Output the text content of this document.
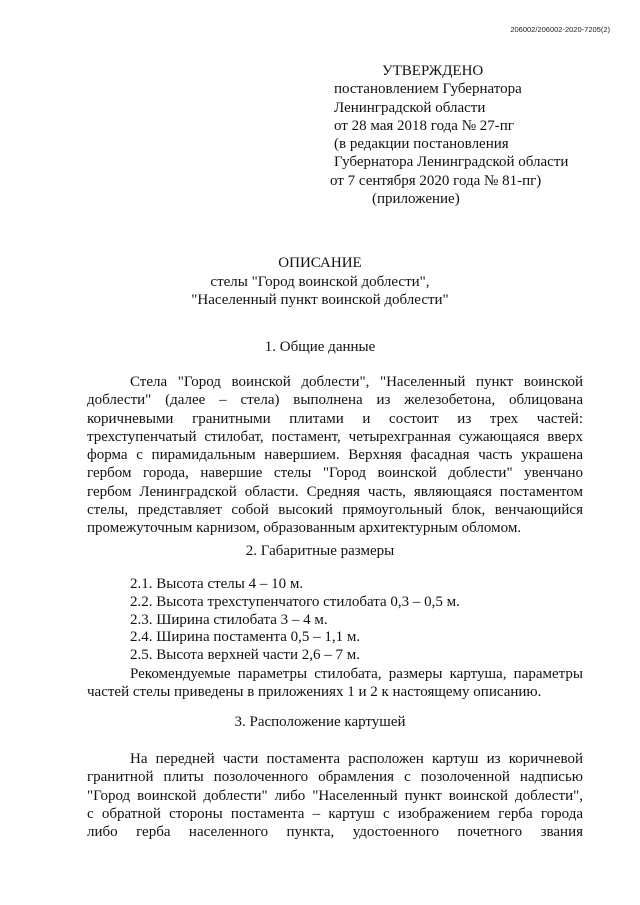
206002/206002-2020-7205(2)
УТВЕРЖДЕНО
постановлением Губернатора
Ленинградской области
от 28 мая 2018 года № 27-пг
(в редакции постановления
Губернатора Ленинградской области
от 7 сентября 2020 года № 81-пг)
(приложение)
ОПИСАНИЕ
стелы "Город воинской доблести",
"Населенный пункт воинской доблести"
1. Общие данные
Стела "Город воинской доблести", "Населенный пункт воинской
доблести" (далее – стела) выполнена из железобетона, облицована
коричневыми гранитными плитами и состоит из трех частей:
трехступенчатый стилобат, постамент, четырехгранная сужающаяся вверх
форма с пирамидальным навершием. Верхняя фасадная часть украшена
гербом города, навершие стелы "Город воинской доблести" увенчано
гербом Ленинградской области. Средняя часть, являющаяся постаментом
стелы, представляет собой высокий прямоугольный блок, венчающийся
промежуточным карнизом, образованным архитектурным обломом.
2. Габаритные размеры
2.1. Высота стелы 4 – 10 м.
2.2. Высота трехступенчатого стилобата 0,3 – 0,5 м.
2.3. Ширина стилобата 3 – 4 м.
2.4. Ширина постамента 0,5 – 1,1 м.
2.5. Высота верхней части 2,6 – 7 м.
Рекомендуемые параметры стилобата, размеры картуша, параметры
частей стелы приведены в приложениях 1 и 2 к настоящему описанию.
3. Расположение картушей
На передней части постамента расположен картуш из коричневой
гранитной плиты позолоченного обрамления с позолоченной надписью
"Город воинской доблести" либо "Населенный пункт воинской доблести",
с обратной стороны постамента – картуш с изображением герба города
либо герба населенного пункта, удостоенного почетного звания
